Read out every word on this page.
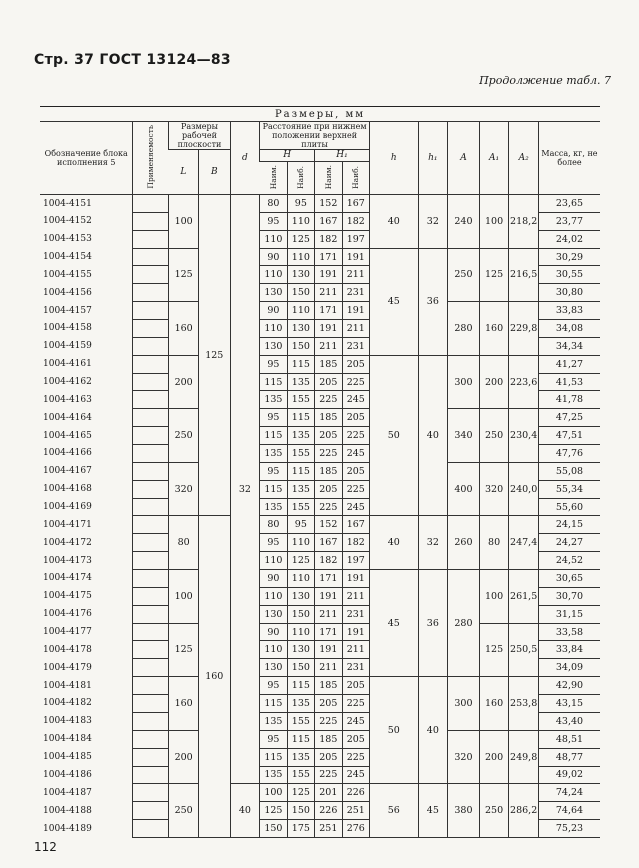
Стр. 37 ГОСТ 13124—83
Продолжение табл. 7
Размеры, мм														
Обозначение блока исполнения 5	Применяемость	Размеры рабочей плоскости		d	Расстояние при нижнем положении верхней плиты				h	h₁	A	A₁	A₂	Масса, кг, не более
		L	B		H		H₁							
					Наим.	Наиб.	Наим.	Наиб.						
1004-4151		100	125	32	80	95	152	167	40	32	240	100	218,2	23,65
1004-4152					95	110	167	182						23,77
1004-4153					110	125	182	197						24,02
1004-4154		125			90	110	171	191	45	36	250	125	216,5	30,29
1004-4155					110	130	191	211						30,55
1004-4156					130	150	211	231						30,80
1004-4157		160			90	110	171	191			280	160	229,8	33,83
1004-4158					110	130	191	211						34,08
1004-4159					130	150	211	231						34,34
1004-4161		200			95	115	185	205	50	40	300	200	223,6	41,27
1004-4162					115	135	205	225						41,53
1004-4163					135	155	225	245						41,78
1004-4164		250			95	115	185	205			340	250	230,4	47,25
1004-4165					115	135	205	225						47,51
1004-4166					135	155	225	245						47,76
1004-4167		320			95	115	185	205			400	320	240,0	55,08
1004-4168					115	135	205	225						55,34
1004-4169					135	155	225	245						55,60
1004-4171		80	160		80	95	152	167	40	32	260	80	247,4	24,15
1004-4172					95	110	167	182						24,27
1004-4173					110	125	182	197						24,52
1004-4174		100			90	110	171	191	45	36	280	100	261,5	30,65
1004-4175					110	130	191	211						30,70
1004-4176					130	150	211	231						31,15
1004-4177		125			90	110	171	191				125	250,5	33,58
1004-4178					110	130	191	211						33,84
1004-4179					130	150	211	231						34,09
1004-4181		160			95	115	185	205	50	40	300	160	253,8	42,90
1004-4182					115	135	205	225						43,15
1004-4183					135	155	225	245						43,40
1004-4184		200			95	115	185	205			320	200	249,8	48,51
1004-4185					115	135	205	225						48,77
1004-4186					135	155	225	245						49,02
1004-4187		250		40	100	125	201	226	56	45	380	250	286,2	74,24
1004-4188					125	150	226	251						74,64
1004-4189					150	175	251	276						75,23
112
